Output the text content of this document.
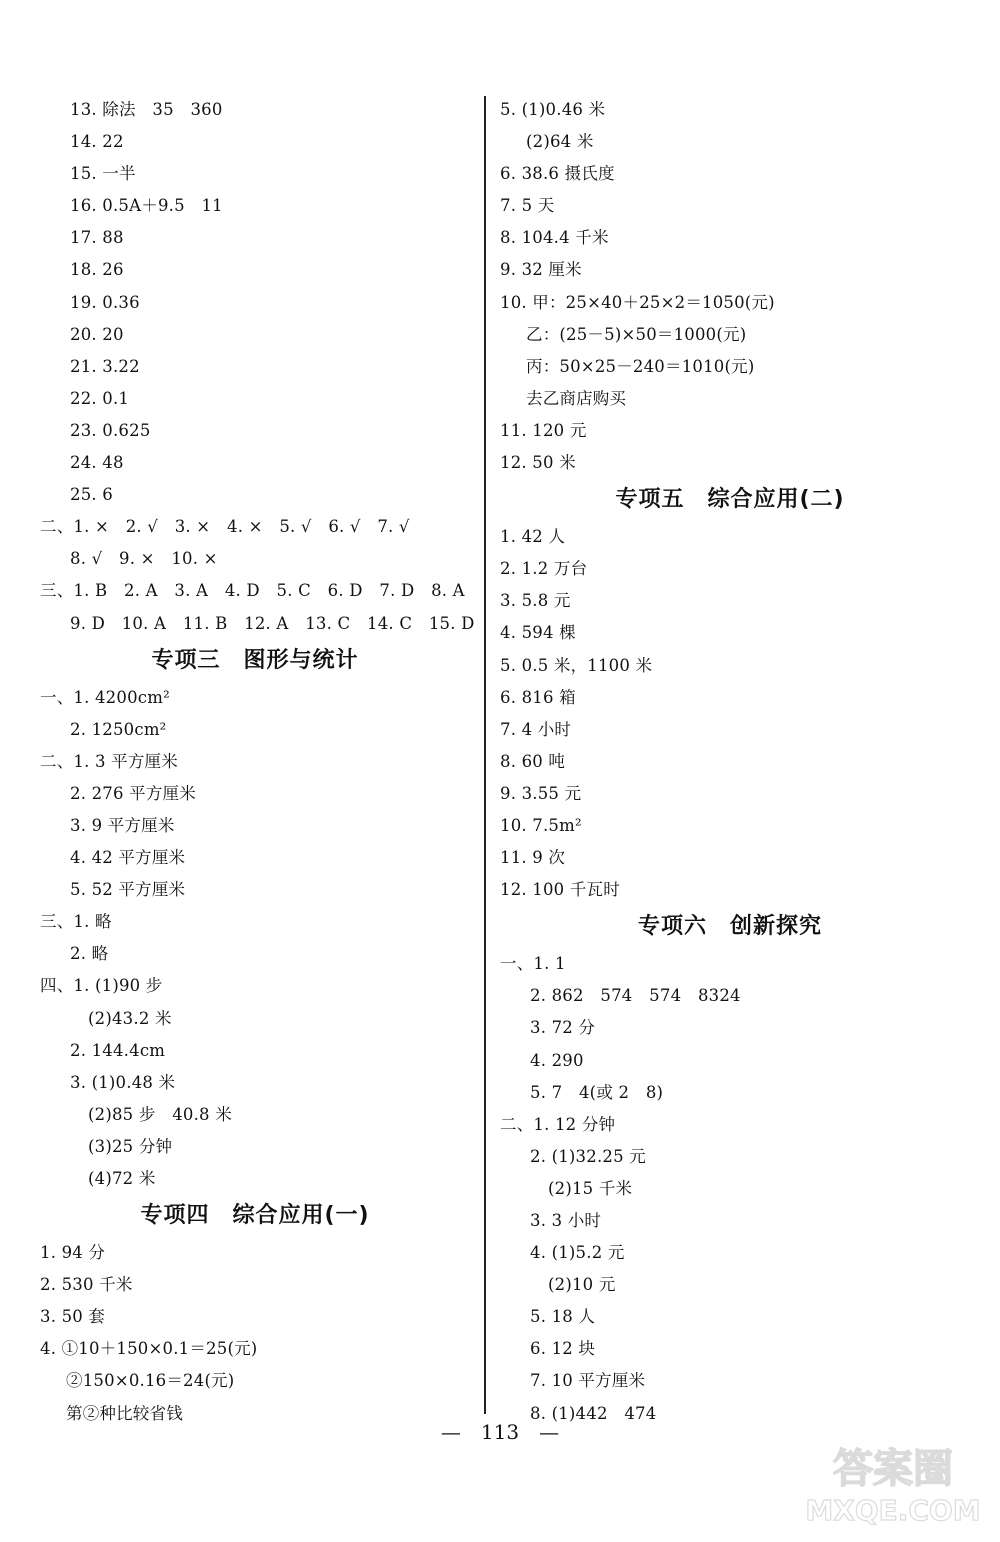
13. 除法　35　360
14. 22
15. 一半
16. 0.5A＋9.5　11
17. 88
18. 26
19. 0.36
20. 20
21. 3.22
22. 0.1
23. 0.625
24. 48
25. 6
二、1. ×　2. √　3. ×　4. ×　5. √　6. √　7. √
8. √　9. ×　10. ×
三、1. B　2. A　3. A　4. D　5. C　6. D　7. D　8. A
9. D　10. A　11. B　12. A　13. C　14. C　15. D
专项三　图形与统计
一、1. 4200cm²
2. 1250cm²
二、1. 3 平方厘米
2. 276 平方厘米
3. 9 平方厘米
4. 42 平方厘米
5. 52 平方厘米
三、1. 略
2. 略
四、1. (1)90 步
(2)43.2 米
2. 144.4cm
3. (1)0.48 米
(2)85 步　40.8 米
(3)25 分钟
(4)72 米
专项四　综合应用(一)
1. 94 分
2. 530 千米
3. 50 套
4. ①10＋150×0.1＝25(元)
②150×0.16＝24(元)
第②种比较省钱
5. (1)0.46 米
(2)64 米
6. 38.6 摄氏度
7. 5 天
8. 104.4 千米
9. 32 厘米
10. 甲：25×40＋25×2＝1050(元)
乙：(25－5)×50＝1000(元)
丙：50×25－240＝1010(元)
去乙商店购买
11. 120 元
12. 50 米
专项五　综合应用(二)
1. 42 人
2. 1.2 万台
3. 5.8 元
4. 594 棵
5. 0.5 米，1100 米
6. 816 箱
7. 4 小时
8. 60 吨
9. 3.55 元
10. 7.5m²
11. 9 次
12. 100 千瓦时
专项六　创新探究
一、1. 1
2. 862　574　574　8324
3. 72 分
4. 290
5. 7　4(或 2　8)
二、1. 12 分钟
2. (1)32.25 元
(2)15 千米
3. 3 小时
4. (1)5.2 元
(2)10 元
5. 18 人
6. 12 块
7. 10 平方厘米
8. (1)442　474
—　113　—
答案圈
MXQE.COM
